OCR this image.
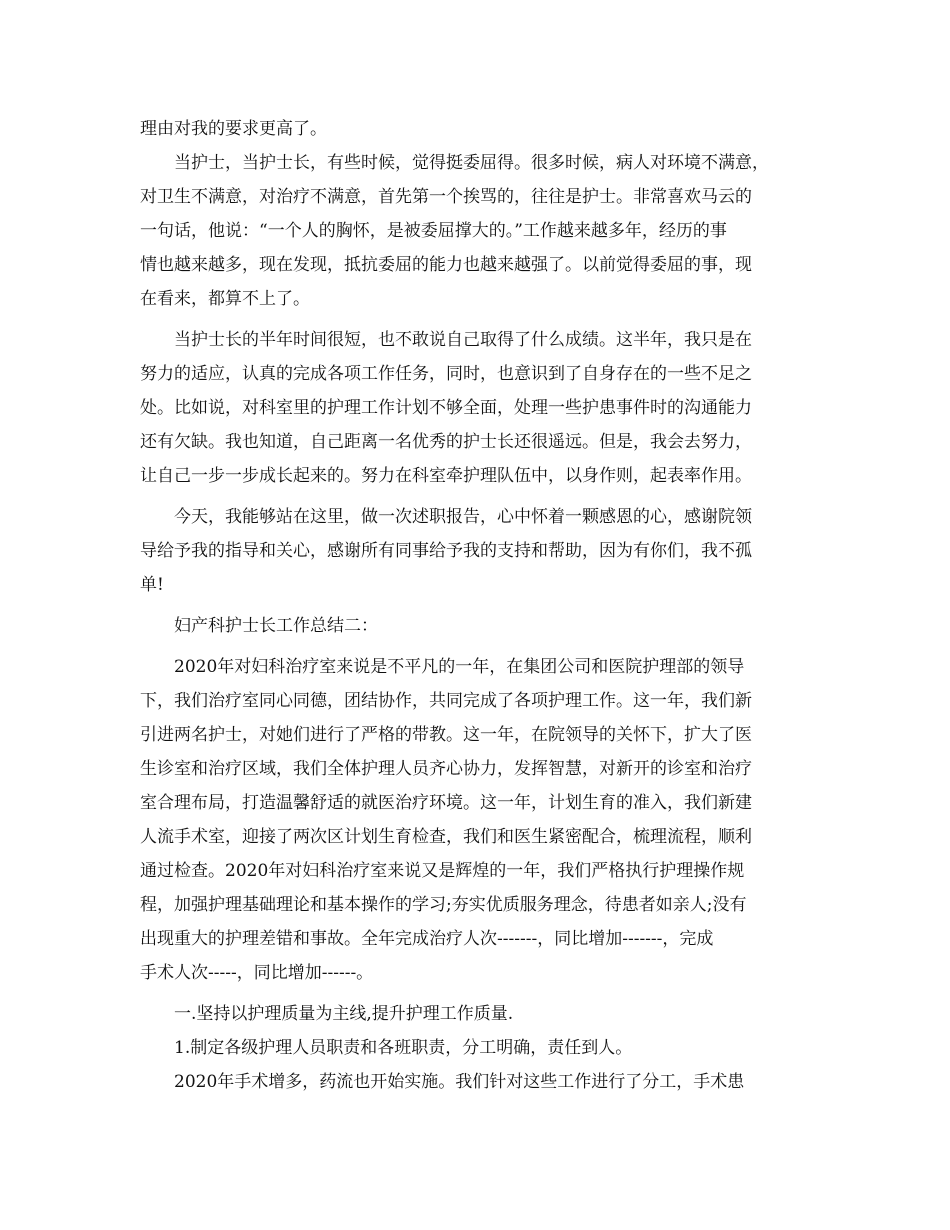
理由对我的要求更高了。
当护士，当护士长，有些时候，觉得挺委屈得。很多时候，病人对环境不满意，
对卫生不满意，对治疗不满意，首先第一个挨骂的，往往是护士。非常喜欢马云的
一句话，他说：“一个人的胸怀，是被委屈撑大的。”工作越来越多年，经历的事
情也越来越多，现在发现，抵抗委屈的能力也越来越强了。以前觉得委屈的事，现
在看来，都算不上了。
当护士长的半年时间很短，也不敢说自己取得了什么成绩。这半年，我只是在
努力的适应，认真的完成各项工作任务，同时，也意识到了自身存在的一些不足之
处。比如说，对科室里的护理工作计划不够全面，处理一些护患事件时的沟通能力
还有欠缺。我也知道，自己距离一名优秀的护士长还很遥远。但是，我会去努力，
让自己一步一步成长起来的。努力在科室牵护理队伍中，以身作则，起表率作用。
今天，我能够站在这里，做一次述职报告，心中怀着一颗感恩的心，感谢院领
导给予我的指导和关心，感谢所有同事给予我的支持和帮助，因为有你们，我不孤
单!
妇产科护士长工作总结二：
2020年对妇科治疗室来说是不平凡的一年，在集团公司和医院护理部的领导
下，我们治疗室同心同德，团结协作，共同完成了各项护理工作。这一年，我们新
引进两名护士，对她们进行了严格的带教。这一年，在院领导的关怀下，扩大了医
生诊室和治疗区域，我们全体护理人员齐心协力，发挥智慧，对新开的诊室和治疗
室合理布局，打造温馨舒适的就医治疗环境。这一年，计划生育的准入，我们新建
人流手术室，迎接了两次区计划生育检查，我们和医生紧密配合，梳理流程，顺利
通过检查。2020年对妇科治疗室来说又是辉煌的一年，我们严格执行护理操作规
程，加强护理基础理论和基本操作的学习;夯实优质服务理念，待患者如亲人;没有
出现重大的护理差错和事故。全年完成治疗人次-------，同比增加-------，完成
手术人次-----，同比增加------。
一.坚持以护理质量为主线,提升护理工作质量.
1.制定各级护理人员职责和各班职责，分工明确，责任到人。
2020年手术增多，药流也开始实施。我们针对这些工作进行了分工，手术患
